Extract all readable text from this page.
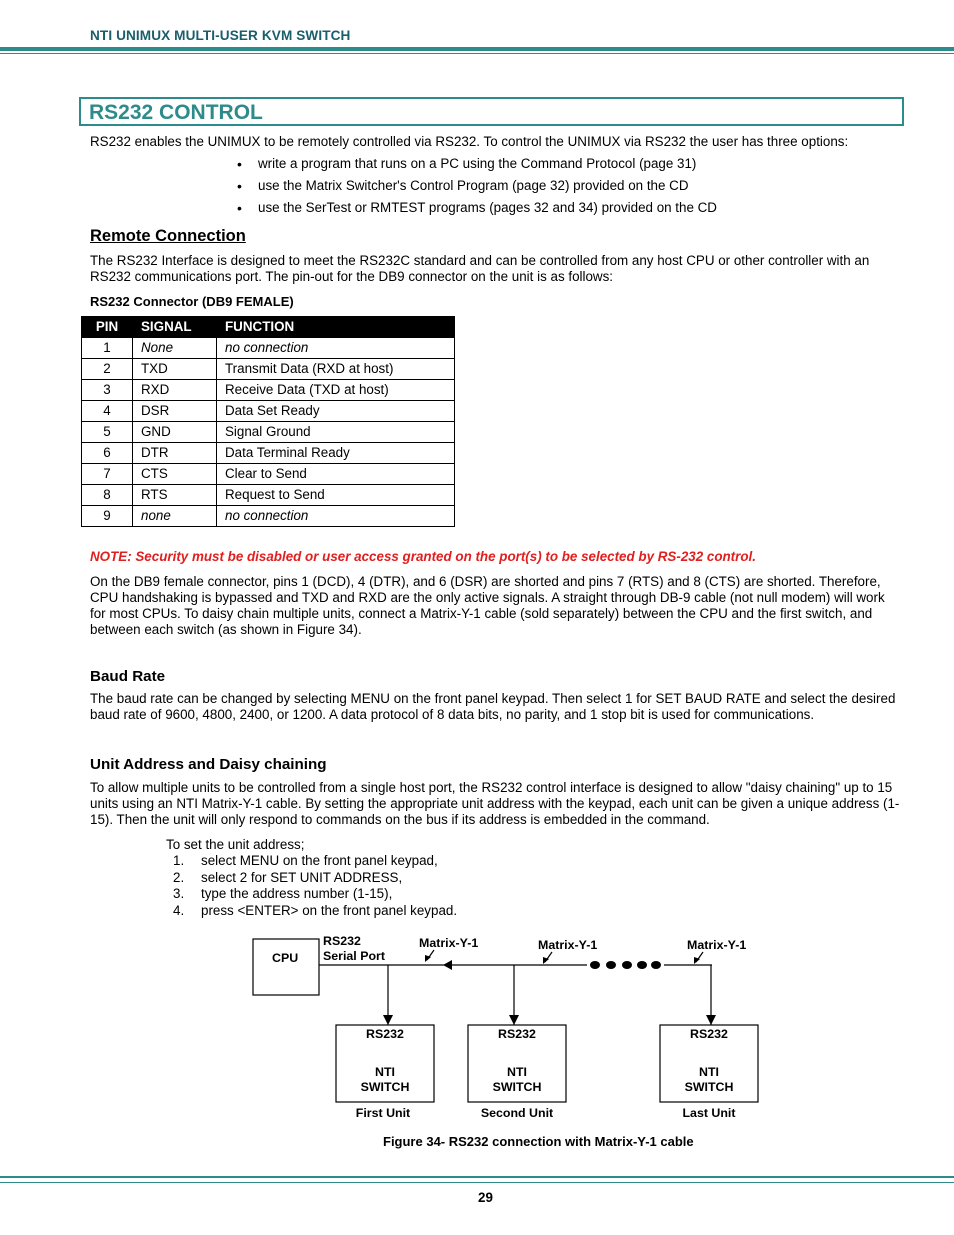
NTI UNIMUX MULTI-USER KVM SWITCH
RS232 CONTROL

RS232 enables the UNIMUX to be remotely controlled via RS232. To control the UNIMUX via RS232 the user has three options:

• write a program that runs on a PC using the Command Protocol (page 31)
• use the Matrix Switcher's Control Program (page 32) provided on the CD
• use the SerTest or RMTEST programs (pages 32 and 34) provided on the CD
Remote Connection

The RS232 Interface is designed to meet the RS232C standard and can be controlled from any host CPU or other controller with an RS232 communications port. The pin-out for the DB9 connector on the unit is as follows:

RS232 Connector (DB9 FEMALE)
PIN	SIGNAL	FUNCTION
1	None	no connection
2	TXD	Transmit Data (RXD at host)
3	RXD	Receive Data (TXD at host)
4	DSR	Data Set Ready
5	GND	Signal Ground
6	DTR	Data Terminal Ready
7	CTS	Clear to Send
8	RTS	Request to Send
9	none	no connection

NOTE: Security must be disabled or user access granted on the port(s) to be selected by RS-232 control.

On the DB9 female connector, pins 1 (DCD), 4 (DTR), and 6 (DSR) are shorted and pins 7 (RTS) and 8 (CTS) are shorted. Therefore, CPU handshaking is bypassed and TXD and RXD are the only active signals. A straight through DB-9 cable (not null modem) will work for most CPUs. To daisy chain multiple units, connect a Matrix-Y-1 cable (sold separately) between the CPU and the first switch, and between each switch (as shown in Figure 34).

Baud Rate

The baud rate can be changed by selecting MENU on the front panel keypad. Then select 1 for SET BAUD RATE and select the desired baud rate of 9600, 4800, 2400, or 1200. A data protocol of 8 data bits, no parity, and 1 stop bit is used for communications.

Unit Address and Daisy chaining

To allow multiple units to be controlled from a single host port, the RS232 control interface is designed to allow "daisy chaining" up to 15 units using an NTI Matrix-Y-1 cable. By setting the appropriate unit address with the keypad, each unit can be given a unique address (1-15). Then the unit will only respond to commands on the bus if its address is embedded in the command.

To set the unit address;
1. select MENU on the front panel keypad,
2. select 2 for SET UNIT ADDRESS,
3. type the address number (1-15),
4. press <ENTER> on the front panel keypad.
CPU
RS232
Serial Port
Matrix-Y-1	Matrix-Y-1	Matrix-Y-1
RS232
NTI
SWITCH
RS232
NTI
SWITCH
RS232
NTI
SWITCH
First Unit	Second Unit	Last Unit
Figure 34- RS232 connection with Matrix-Y-1 cable
29
